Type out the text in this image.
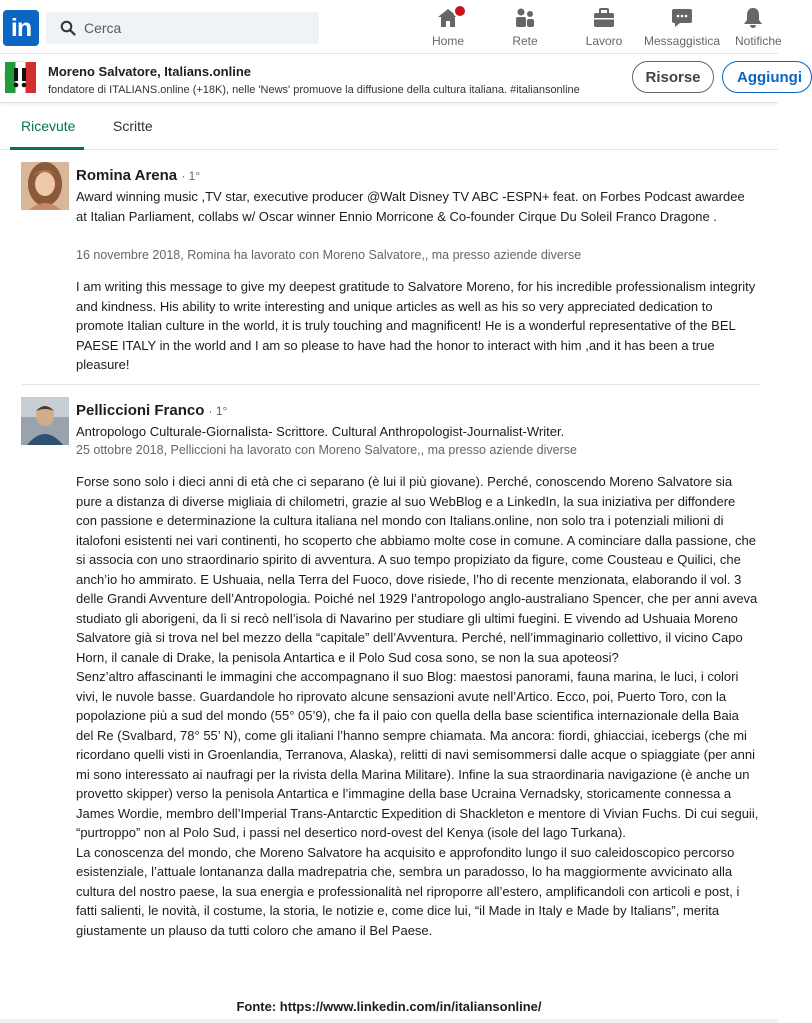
in
Cerca	Home	Rete	Lavoro	Messaggistica Notifiche
Moreno Salvatore, Italians.online
fondatore di ITALIANS.online (+18K), nelle 'News' promuove la diffusione della cultura italiana. #italiansonline
Risorse	Aggiungi
Ricevute	Scritte
Romina Arena · 1°
Award winning music ,TV star, executive producer @Walt Disney TV ABC -ESPN+ feat. on Forbes Podcast awardee at Italian Parliament, collabs w/ Oscar winner Ennio Morricone & Co-founder Cirque Du Soleil Franco Dragone .
16 novembre 2018, Romina ha lavorato con Moreno Salvatore,, ma presso aziende diverse

I am writing this message to give my deepest gratitude to Salvatore Moreno, for his incredible professionalism integrity and kindness. His ability to write interesting and unique articles as well as his so very appreciated dedication to promote Italian culture in the world, it is truly touching and magnificent! He is a wonderful representative of the BEL PAESE ITALY in the world and I am so please to have had the honor to interact with him ,and it has been a true pleasure!

Pelliccioni Franco · 1°
Antropologo Culturale-Giornalista- Scrittore. Cultural Anthropologist-Journalist-Writer.
25 ottobre 2018, Pelliccioni ha lavorato con Moreno Salvatore,, ma presso aziende diverse

Forse sono solo i dieci anni di età che ci separano (è lui il più giovane). Perché, conoscendo Moreno Salvatore sia pure a distanza di diverse migliaia di chilometri, grazie al suo WebBlog e a LinkedIn, la sua iniziativa per diffondere con passione e determinazione la cultura italiana nel mondo con Italians.online, non solo tra i potenziali milioni di italofoni esistenti nei vari continenti, ho scoperto che abbiamo molte cose in comune. A cominciare dalla passione, che si associa con uno straordinario spirito di avventura. A suo tempo propiziato da figure, come Cousteau e Quilici, che anch’io ho ammirato. E Ushuaia, nella Terra del Fuoco, dove risiede, l’ho di recente menzionata, elaborando il vol. 3 delle Grandi Avventure dell’Antropologia. Poiché nel 1929 l’antropologo anglo-australiano Spencer, che per anni aveva studiato gli aborigeni, da lì si recò nell’isola di Navarino per studiare gli ultimi fuegini. E vivendo ad Ushuaia Moreno Salvatore già si trova nel bel mezzo della “capitale” dell’Avventura. Perché, nell’immaginario collettivo, il vicino Capo Horn, il canale di Drake, la penisola Antartica e il Polo Sud cosa sono, se non la sua apoteosi?

Senz’altro affascinanti le immagini che accompagnano il suo Blog: maestosi panorami, fauna marina, le luci, i colori vivi, le nuvole basse. Guardandole ho riprovato alcune sensazioni avute nell’Artico. Ecco, poi, Puerto Toro, con la popolazione più a sud del mondo (55° 05’9), che fa il paio con quella della base scientifica internazionale della Baia del Re (Svalbard, 78° 55’ N), come gli italiani l’hanno sempre chiamata. Ma ancora: fiordi, ghiacciai, icebergs (che mi ricordano quelli visti in Groenlandia, Terranova, Alaska), relitti di navi semisommersi dalle acque o spiaggiate (per anni mi sono interessato ai naufragi per la rivista della Marina Militare). Infine la sua straordinaria navigazione (è anche un provetto skipper) verso la penisola Antartica e l’immagine della base Ucraina Vernadsky, storicamente connessa a James Wordie, membro dell’Imperial Trans-Antarctic Expedition di Shackleton e mentore di Vivian Fuchs. Di cui seguii, “purtroppo” non al Polo Sud, i passi nel desertico nord-ovest del Kenya (isole del lago Turkana).

La conoscenza del mondo, che Moreno Salvatore ha acquisito e approfondito lungo il suo caleidoscopico percorso esistenziale, l’attuale lontananza dalla madrepatria che, sembra un paradosso, lo ha maggiormente avvicinato alla cultura del nostro paese, la sua energia e professionalità nel riproporre all’estero, amplificandoli con articoli e post, i fatti salienti, le novità, il costume, la storia, le notizie e, come dice lui, “il Made in Italy e Made by Italians”, merita giustamente un plauso da tutti coloro che amano il Bel Paese.

Fonte: https://www.linkedin.com/in/italiansonline/
